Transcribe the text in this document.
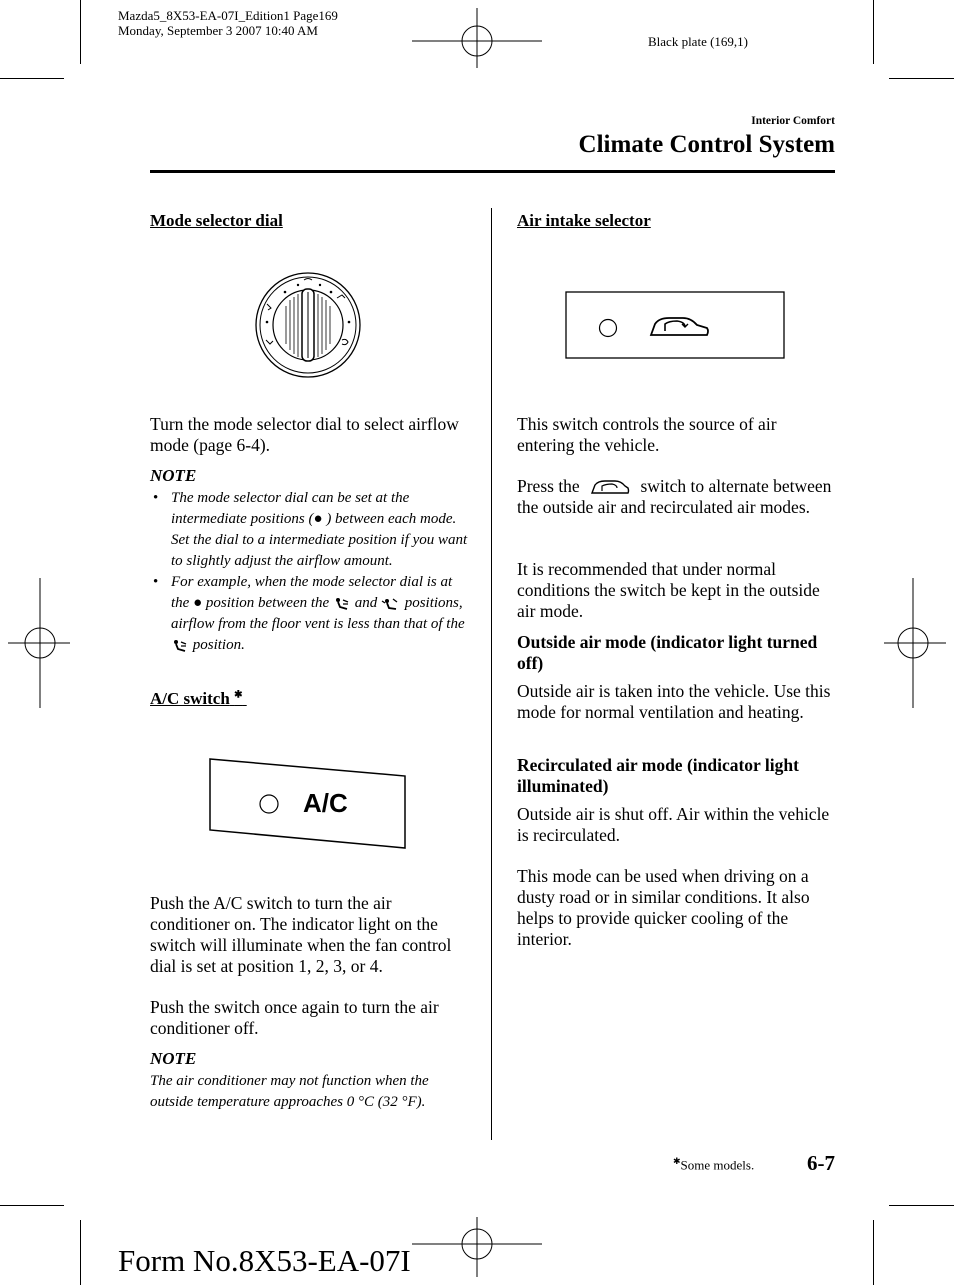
Mazda5_8X53-EA-07I_Edition1 Page169
Monday, September 3 2007 10:40 AM
Black plate (169,1)
Interior Comfort
Climate Control System
Mode selector dial
Turn the mode selector dial to select airflow mode (page 6-4).
NOTE
• The mode selector dial can be set at the intermediate positions (● ) between each mode. Set the dial to a intermediate position if you want to slightly adjust the airflow amount.
• For example, when the mode selector dial is at the ● position between the and positions, airflow from the floor vent is less than that of the  position.
A/C switch ✱
A/C
Push the A/C switch to turn the air conditioner on. The indicator light on the switch will illuminate when the fan control dial is set at position 1, 2, 3, or 4.
Push the switch once again to turn the air conditioner off.
NOTE
The air conditioner may not function when the outside temperature approaches 0 °C (32 °F).
Air intake selector
This switch controls the source of air entering the vehicle.
Press the	switch to alternate between the outside air and recirculated air modes.
It is recommended that under normal conditions the switch be kept in the outside air mode.
Outside air mode (indicator light turned off)
Outside air is taken into the vehicle. Use this mode for normal ventilation and heating.
Recirculated air mode (indicator light illuminated)
Outside air is shut off. Air within the vehicle is recirculated.
This mode can be used when driving on a dusty road or in similar conditions. It also helps to provide quicker cooling of the interior.
✱Some models.	6-7
Form No.8X53-EA-07I
